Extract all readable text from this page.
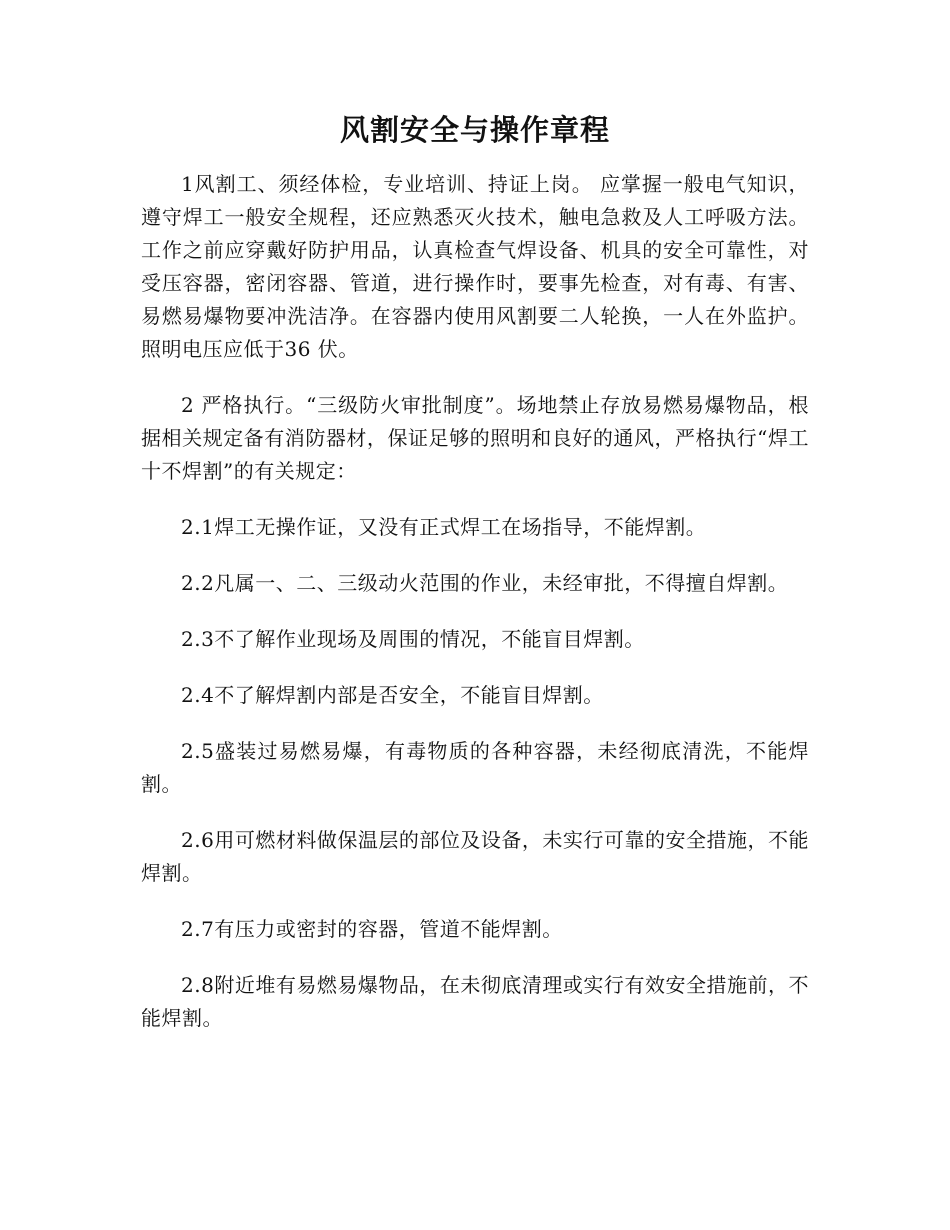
风割安全与操作章程

1风割工、须经体检，专业培训、持证上岗。 应掌握一般电气知识，遵守焊工一般安全规程，还应熟悉灭火技术，触电急救及人工呼吸方法。工作之前应穿戴好防护用品，认真检查气焊设备、机具的安全可靠性，对受压容器，密闭容器、管道，进行操作时，要事先检查，对有毒、有害、易燃易爆物要冲洗洁净。在容器内使用风割要二人轮换，一人在外监护。照明电压应低于36 伏。

2 严格执行。“三级防火审批制度”。场地禁止存放易燃易爆物品，根据相关规定备有消防器材，保证足够的照明和良好的通风，严格执行“焊工十不焊割”的有关规定：

2.1焊工无操作证，又没有正式焊工在场指导，不能焊割。

2.2凡属一、二、三级动火范围的作业，未经审批，不得擅自焊割。

2.3不了解作业现场及周围的情况，不能盲目焊割。

2.4不了解焊割内部是否安全，不能盲目焊割。

2.5盛装过易燃易爆，有毒物质的各种容器，未经彻底清洗，不能焊割。

2.6用可燃材料做保温层的部位及设备，未实行可靠的安全措施，不能焊割。

2.7有压力或密封的容器，管道不能焊割。

2.8附近堆有易燃易爆物品，在未彻底清理或实行有效安全措施前，不能焊割。
